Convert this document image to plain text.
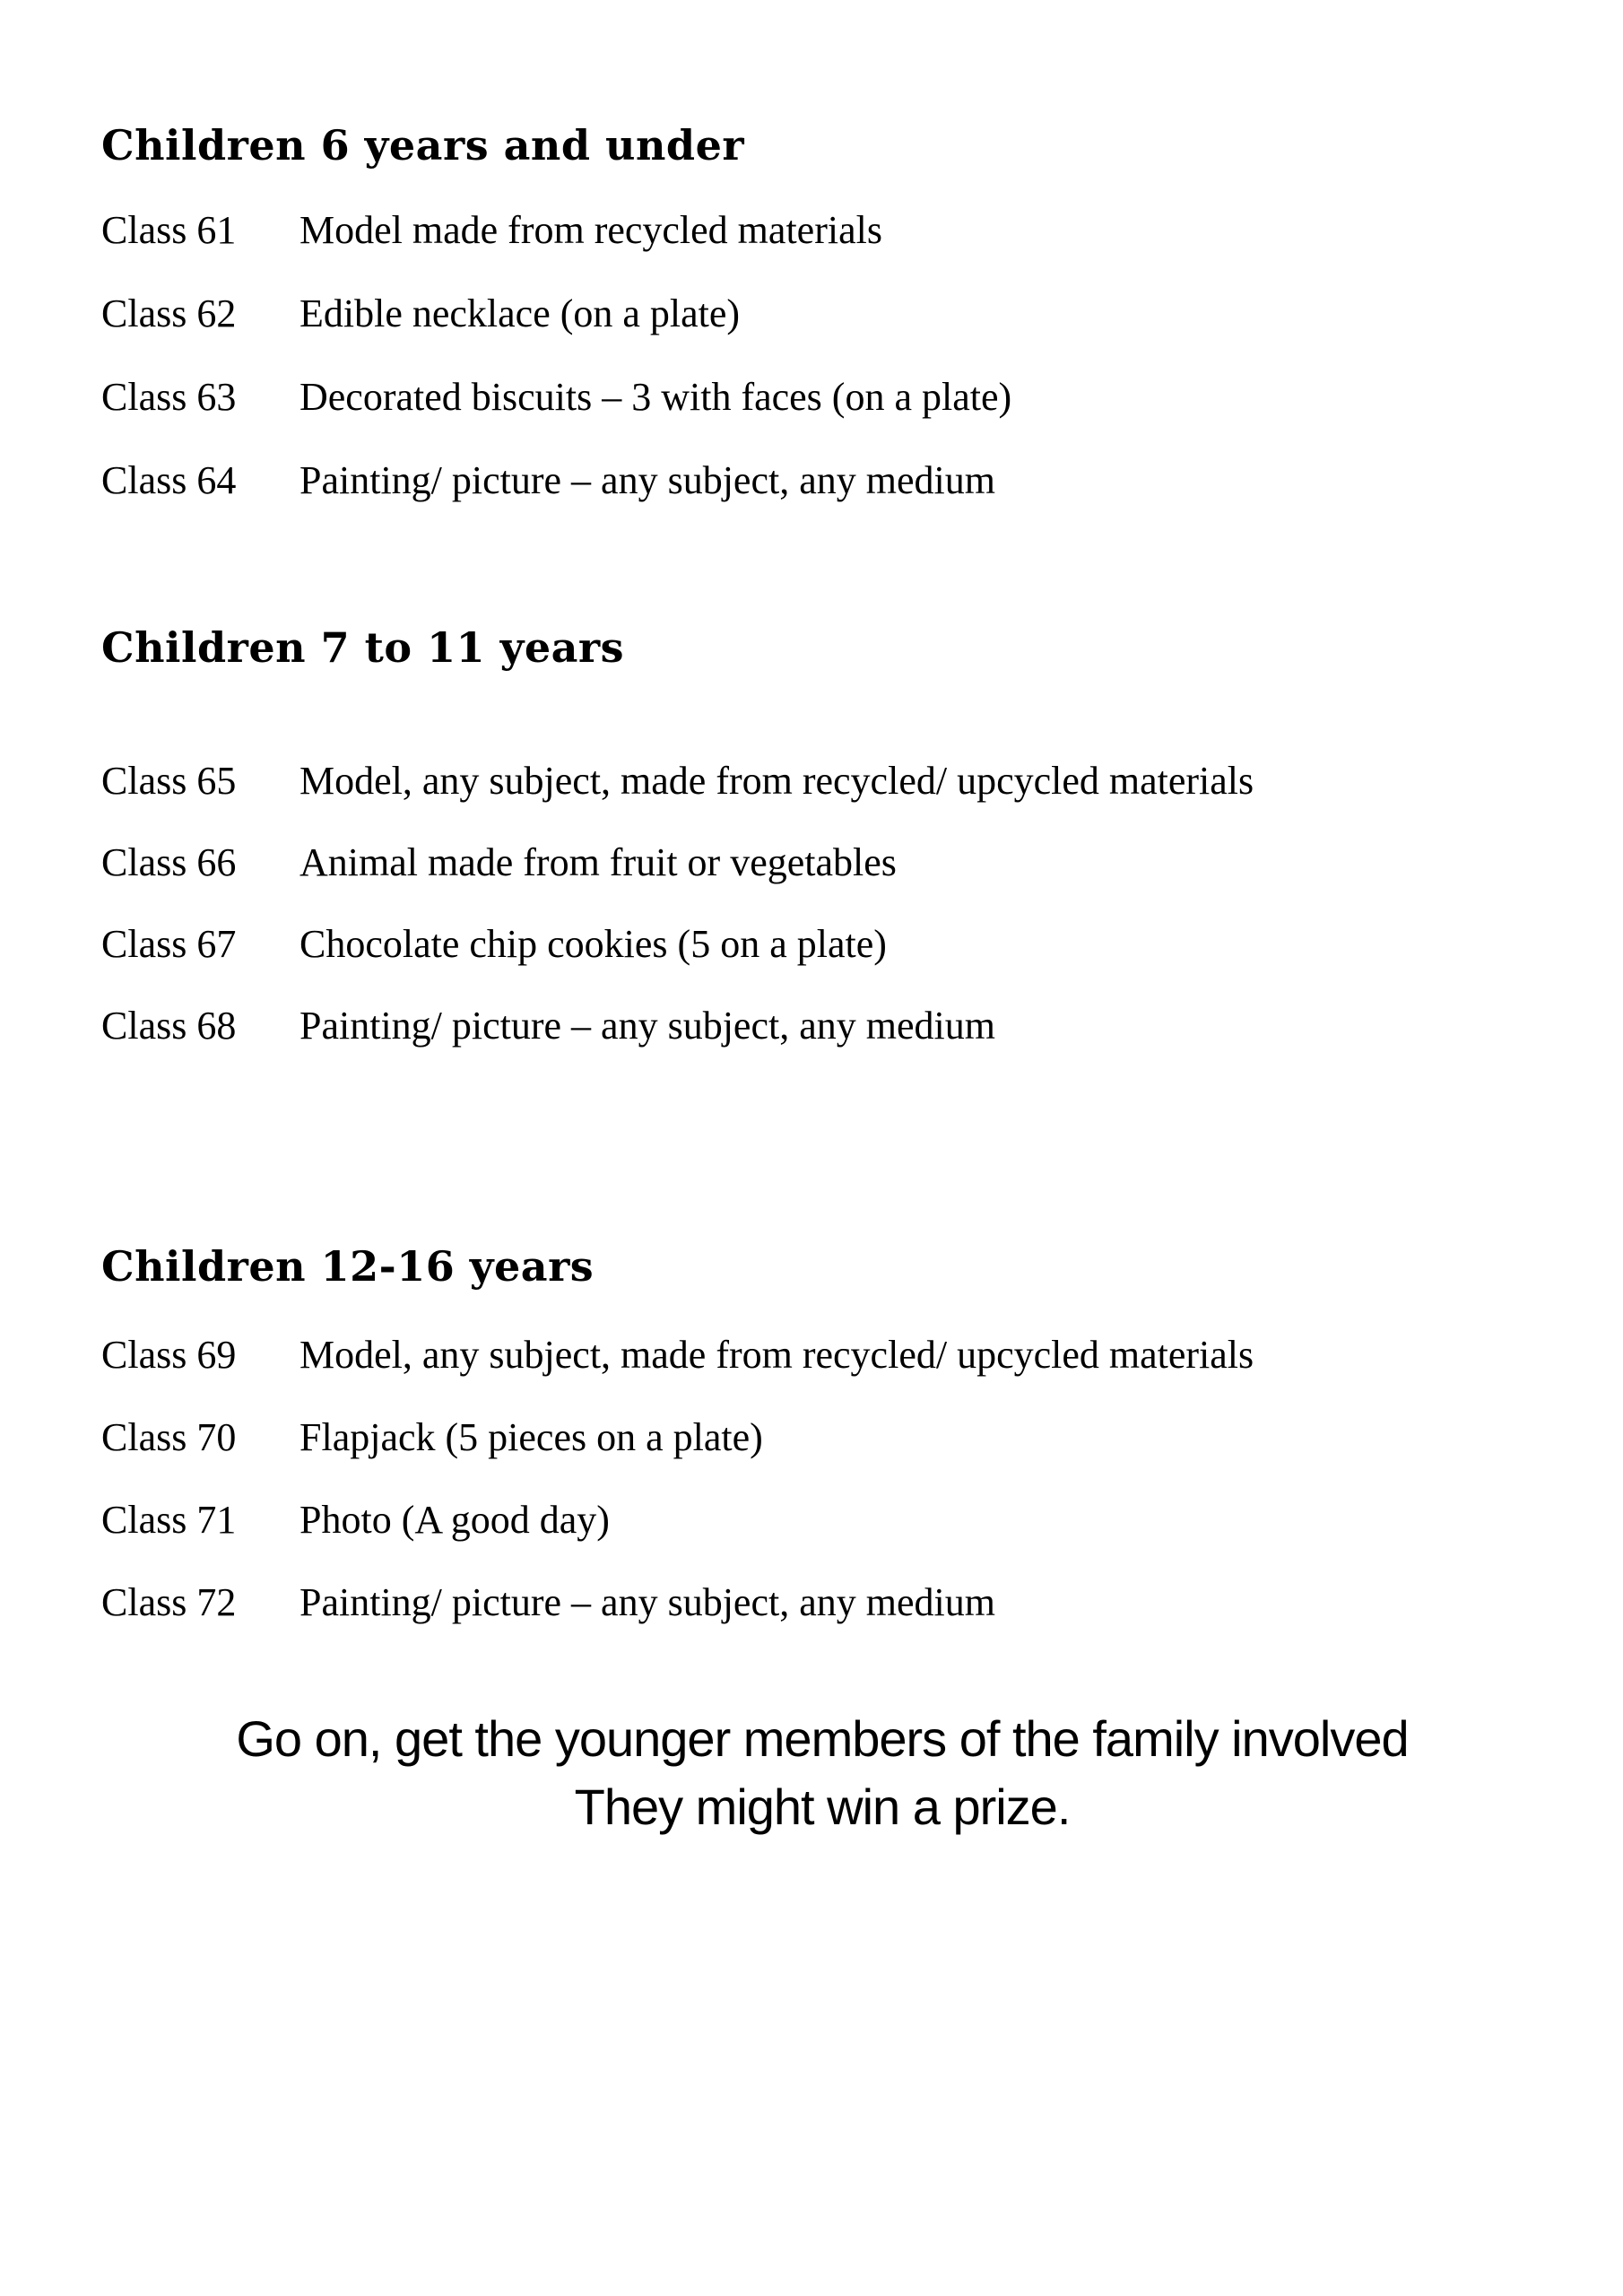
Children 6 years and under
Class 61	Model made from recycled materials
Class 62	Edible necklace (on a plate)
Class 63	Decorated biscuits – 3 with faces (on a plate)
Class 64	Painting/ picture – any subject, any medium
Children 7 to 11 years
Class 65	Model, any subject, made from recycled/ upcycled materials
Class 66	Animal made from fruit or vegetables
Class 67	Chocolate chip cookies (5 on a plate)
Class 68	Painting/ picture – any subject, any medium
Children 12-16 years
Class 69	Model, any subject, made from recycled/ upcycled materials
Class 70	Flapjack (5 pieces on a plate)
Class 71	Photo (A good day)
Class 72	Painting/ picture – any subject, any medium
Go on, get the younger members of the family involved
They might win a prize.
